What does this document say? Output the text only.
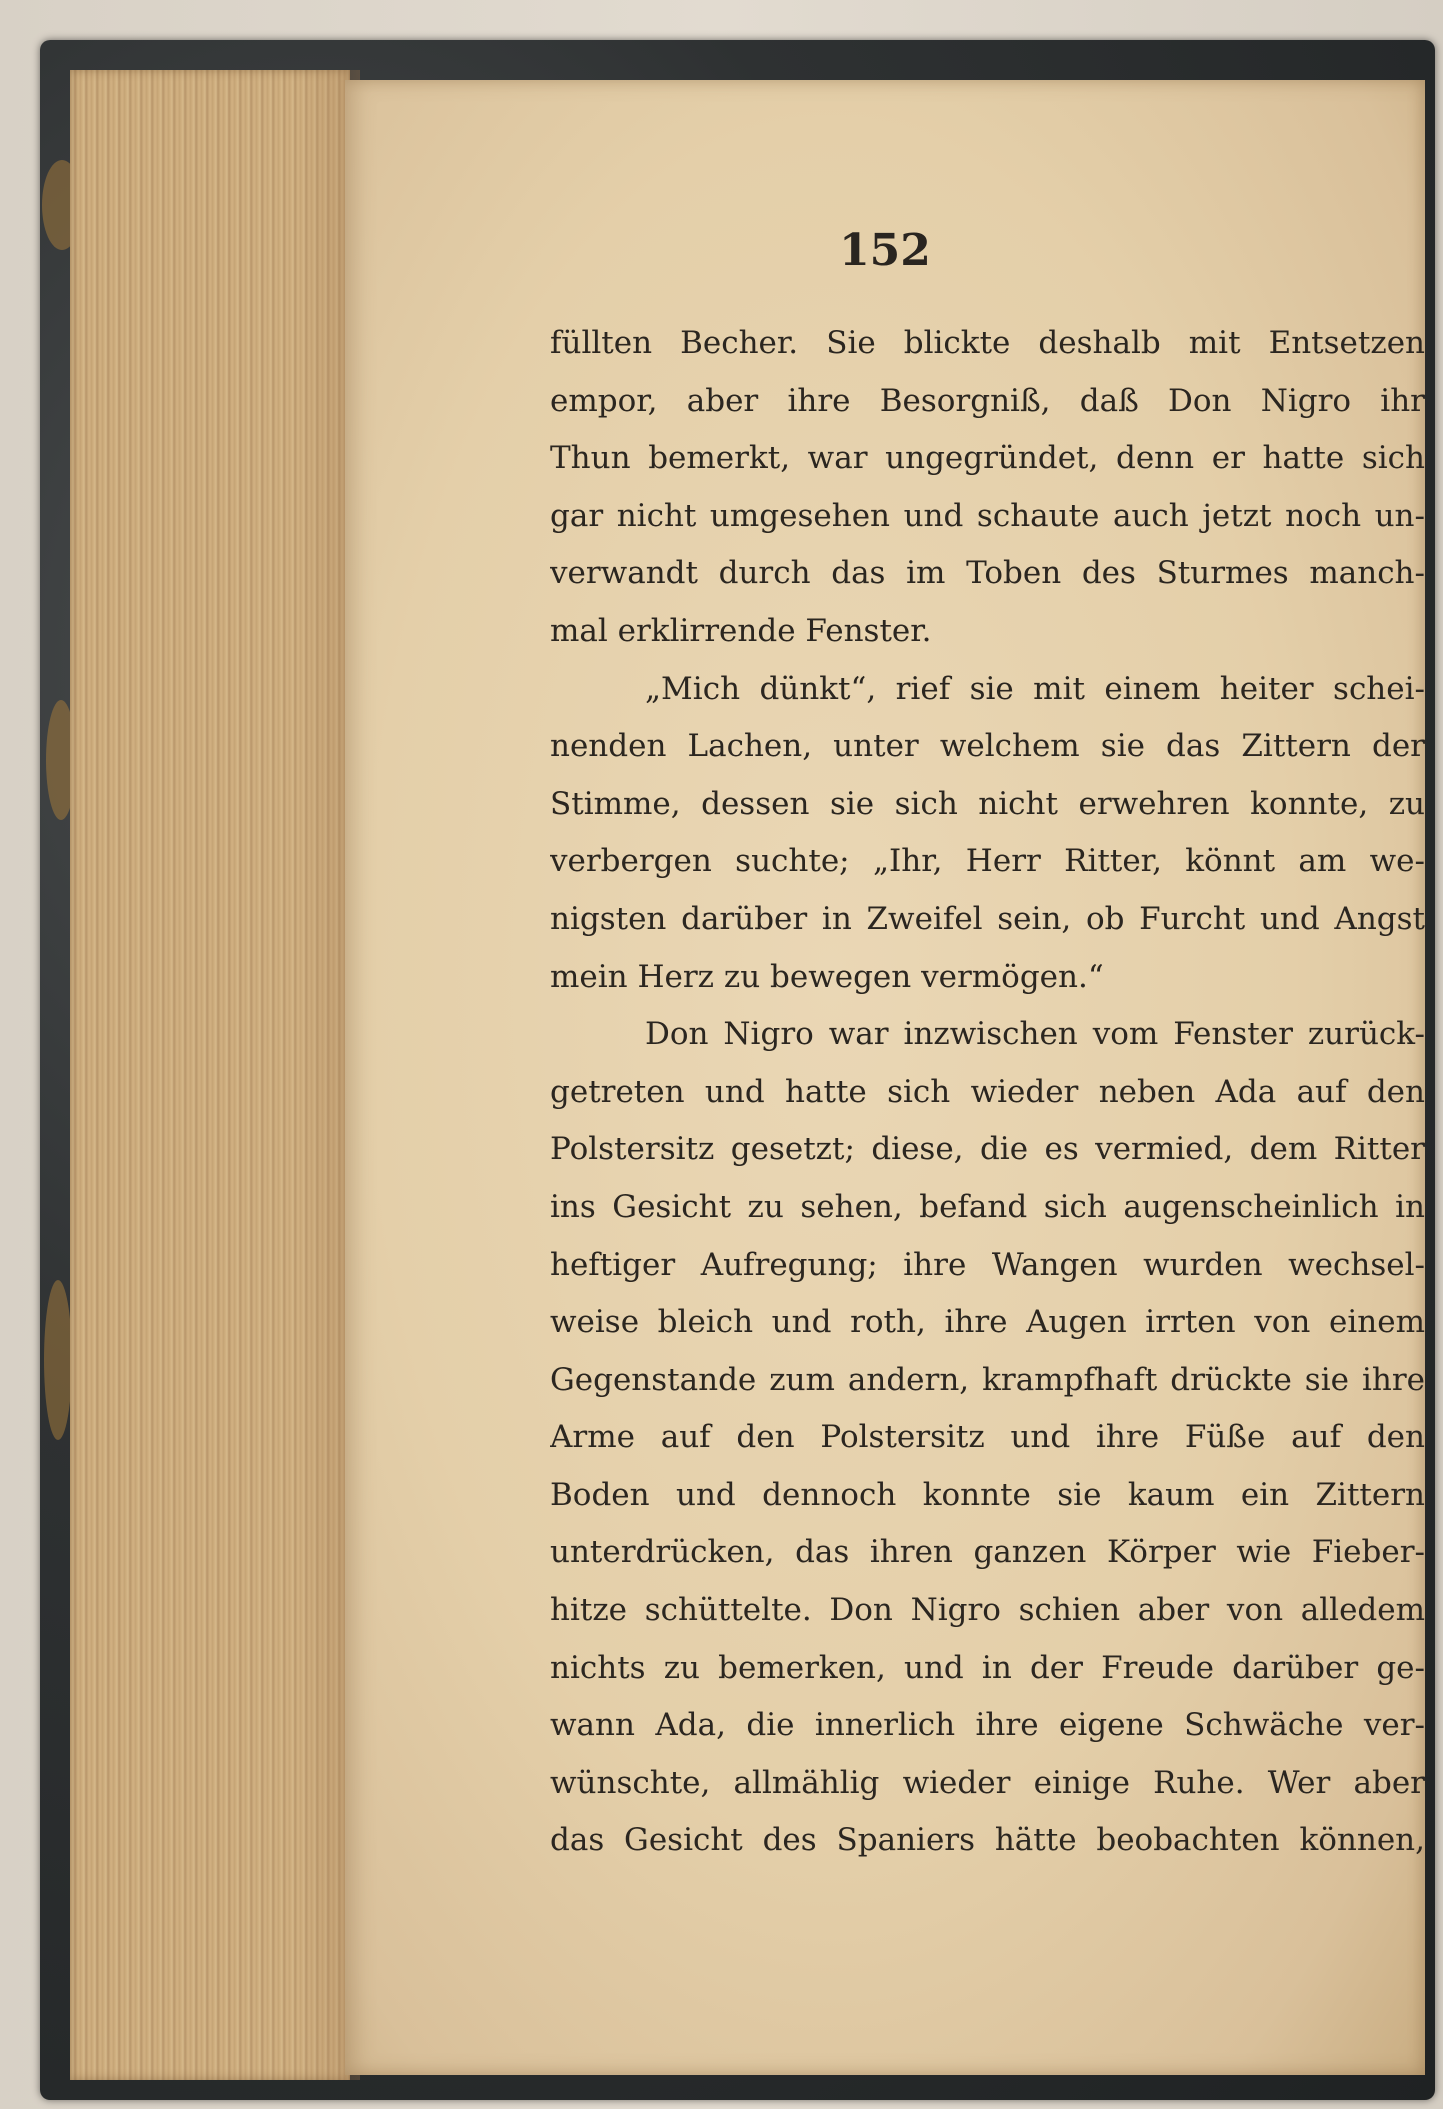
152
füllten Becher. Sie blickte deshalb mit Entsetzen
empor, aber ihre Besorgniß, daß Don Nigro ihr
Thun bemerkt, war ungegründet, denn er hatte sich
gar nicht umgesehen und schaute auch jetzt noch un-
verwandt durch das im Toben des Sturmes manch-
mal erklirrende Fenster.
„Mich dünkt“, rief sie mit einem heiter schei-
nenden Lachen, unter welchem sie das Zittern der
Stimme, dessen sie sich nicht erwehren konnte, zu
verbergen suchte; „Ihr, Herr Ritter, könnt am we-
nigsten darüber in Zweifel sein, ob Furcht und Angst
mein Herz zu bewegen vermögen.“
Don Nigro war inzwischen vom Fenster zurück-
getreten und hatte sich wieder neben Ada auf den
Polstersitz gesetzt; diese, die es vermied, dem Ritter
ins Gesicht zu sehen, befand sich augenscheinlich in
heftiger Aufregung; ihre Wangen wurden wechsel-
weise bleich und roth, ihre Augen irrten von einem
Gegenstande zum andern, krampfhaft drückte sie ihre
Arme auf den Polstersitz und ihre Füße auf den
Boden und dennoch konnte sie kaum ein Zittern
unterdrücken, das ihren ganzen Körper wie Fieber-
hitze schüttelte. Don Nigro schien aber von alledem
nichts zu bemerken, und in der Freude darüber ge-
wann Ada, die innerlich ihre eigene Schwäche ver-
wünschte, allmählig wieder einige Ruhe. Wer aber
das Gesicht des Spaniers hätte beobachten können,
